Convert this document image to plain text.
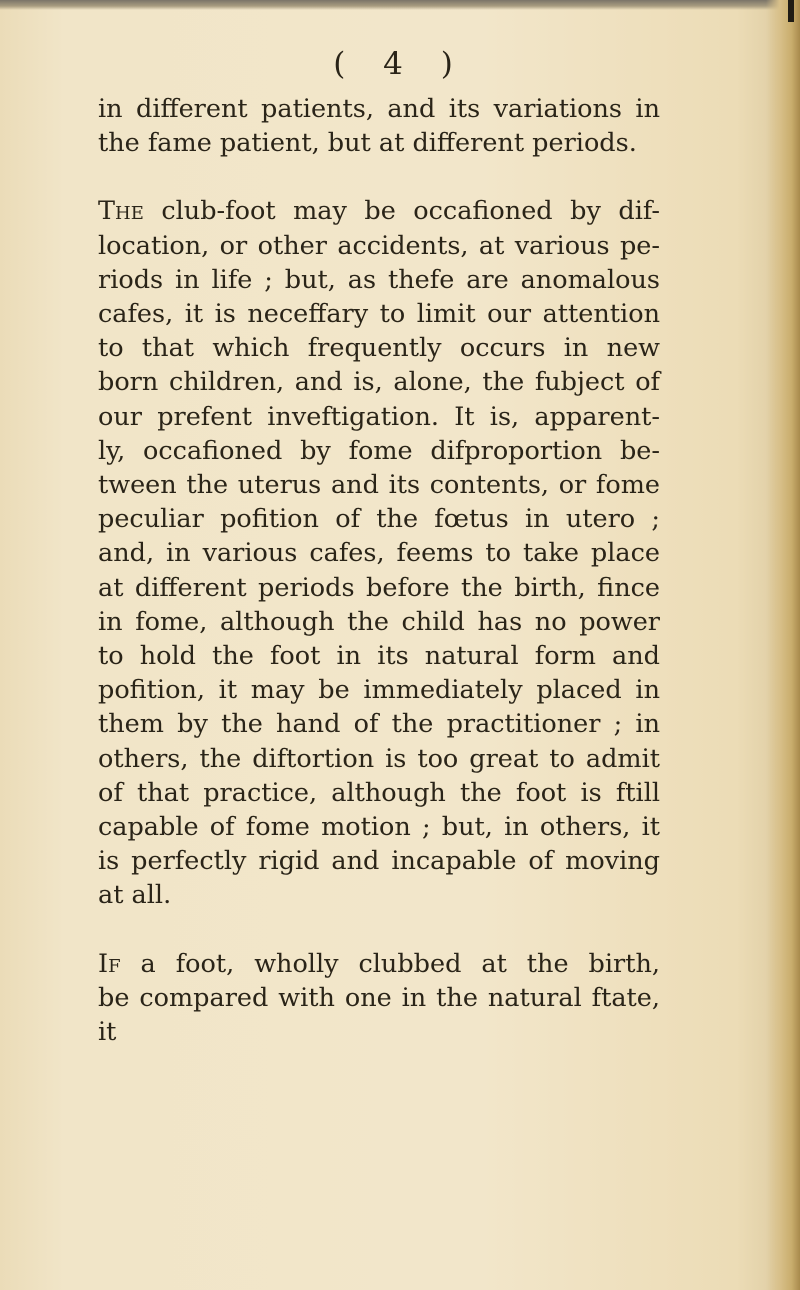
( 4 )

in different patients, and its variations in
the fame patient, but at different periods.

The club-foot may be occafioned by dif-
location, or other accidents, at various pe-
riods in life ; but, as thefe are anomalous
cafes, it is neceffary to limit our attention
to that which frequently occurs in new
born children, and is, alone, the fubject of
our prefent inveftigation. It is, apparent-
ly, occafioned by fome difproportion be-
tween the uterus and its contents, or fome
peculiar pofition of the fœtus in utero ;
and, in various cafes, feems to take place
at different periods before the birth, fince
in fome, although the child has no power
to hold the foot in its natural form and
pofition, it may be immediately placed in
them by the hand of the practitioner ; in
others, the diftortion is too great to admit
of that practice, although the foot is ftill
capable of fome motion ; but, in others, it
is perfectly rigid and incapable of moving
at all.

If a foot, wholly clubbed at the birth,
be compared with one in the natural ftate,
it
